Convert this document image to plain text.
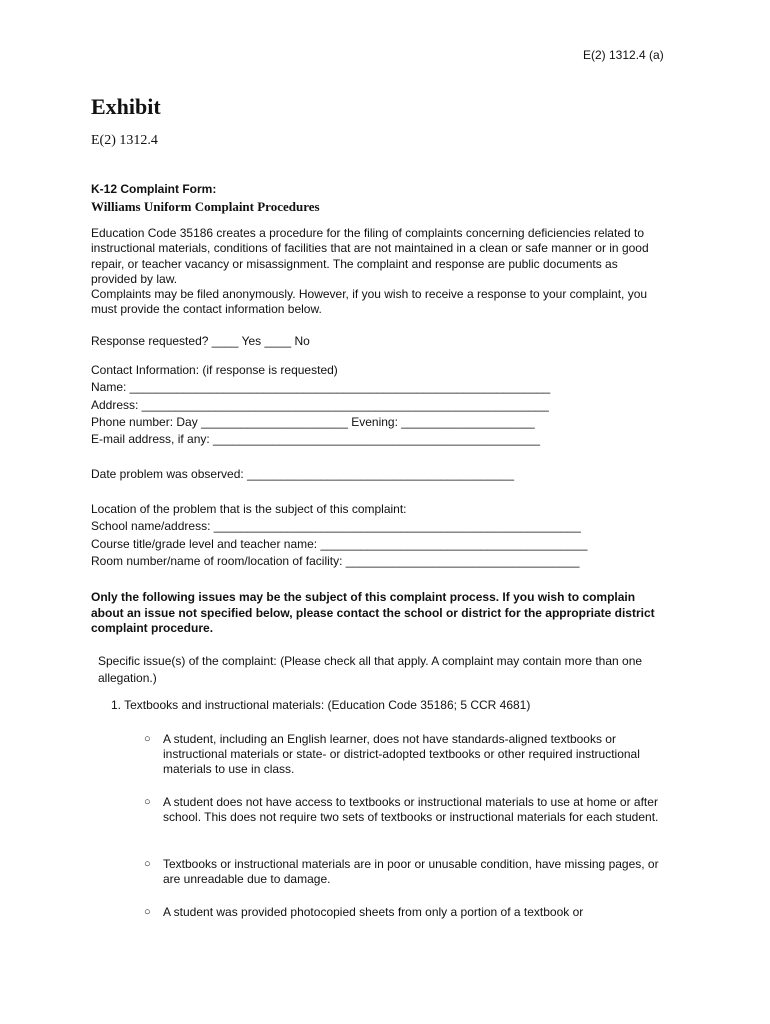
E(2) 1312.4 (a)
Exhibit
E(2) 1312.4
K-12 Complaint Form:
Williams Uniform Complaint Procedures
Education Code 35186 creates a procedure for the filing of complaints concerning deficiencies related to instructional materials, conditions of facilities that are not maintained in a clean or safe manner or in good repair, or teacher vacancy or misassignment. The complaint and response are public documents as provided by law.
Complaints may be filed anonymously. However, if you wish to receive a response to your complaint, you must provide the contact information below.
Response requested? ____ Yes ____ No
Contact Information: (if response is requested)
Name: _______________________________________________________________
Address: _____________________________________________________________
Phone number: Day ______________________ Evening: ____________________
E-mail address, if any: _________________________________________________
Date problem was observed: ________________________________________
Location of the problem that is the subject of this complaint:
School name/address: _______________________________________________________
Course title/grade level and teacher name: ________________________________________
Room number/name of room/location of facility: ___________________________________
Only the following issues may be the subject of this complaint process. If you wish to complain about an issue not specified below, please contact the school or district for the appropriate district complaint procedure.
Specific issue(s) of the complaint: (Please check all that apply. A complaint may contain more than one allegation.)
1. Textbooks and instructional materials: (Education Code 35186; 5 CCR 4681)
○ A student, including an English learner, does not have standards-aligned textbooks or instructional materials or state- or district-adopted textbooks or other required instructional materials to use in class.
○ A student does not have access to textbooks or instructional materials to use at home or after school. This does not require two sets of textbooks or instructional materials for each student.
○ Textbooks or instructional materials are in poor or unusable condition, have missing pages, or are unreadable due to damage.
○ A student was provided photocopied sheets from only a portion of a textbook or
